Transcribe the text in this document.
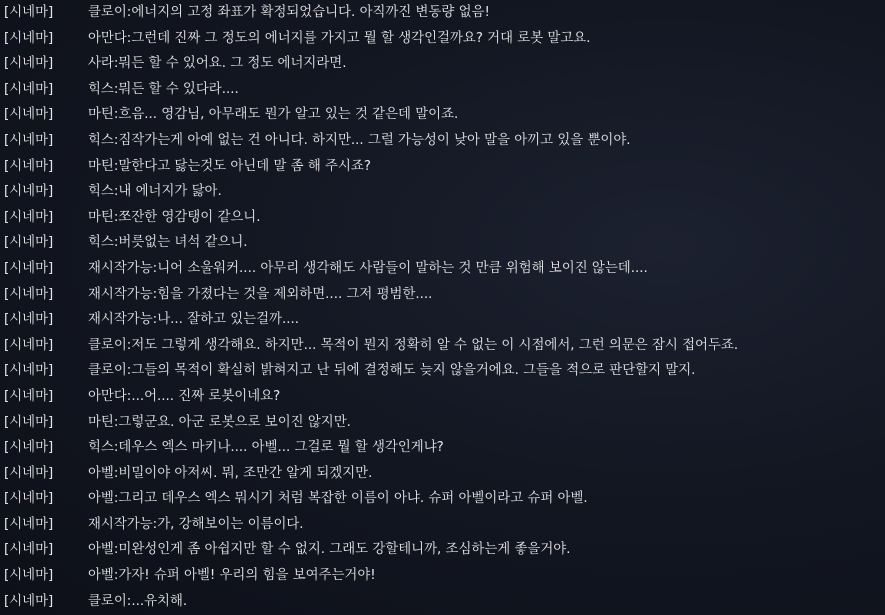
[시네마]	클로이:에너지의 고정 좌표가 확정되었습니다. 아직까진 변동량 없음!
[시네마]	아만다:그런데 진짜 그 정도의 에너지를 가지고 뭘 할 생각인걸까요? 거대 로봇 말고요.
[시네마]	사라:뭐든 할 수 있어요. 그 정도 에너지라면.
[시네마]	힉스:뭐든 할 수 있다라....
[시네마]	마틴:흐음... 영감님, 아무래도 뭔가 알고 있는 것 같은데 말이죠.
[시네마]	힉스:짐작가는게 아예 없는 건 아니다. 하지만... 그럴 가능성이 낮아 말을 아끼고 있을 뿐이야.
[시네마]	마틴:말한다고 닳는것도 아닌데 말 좀 해 주시죠?
[시네마]	힉스:내 에너지가 닳아.
[시네마]	마틴:쪼잔한 영감탱이 같으니.
[시네마]	힉스:버릇없는 녀석 같으니.
[시네마]	재시작가능:니어 소울워커.... 아무리 생각해도 사람들이 말하는 것 만큼 위험해 보이진 않는데....
[시네마]	재시작가능:힘을 가졌다는 것을 제외하면.... 그저 평범한....
[시네마]	재시작가능:나... 잘하고 있는걸까....
[시네마]	클로이:저도 그렇게 생각해요. 하지만... 목적이 뭔지 정확히 알 수 없는 이 시점에서, 그런 의문은 잠시 접어두죠.
[시네마]	클로이:그들의 목적이 확실히 밝혀지고 난 뒤에 결정해도 늦지 않을거에요. 그들을 적으로 판단할지 말지.
[시네마]	아만다:...어.... 진짜 로봇이네요?
[시네마]	마틴:그렇군요. 아군 로봇으로 보이진 않지만.
[시네마]	힉스:데우스 엑스 마키나.... 아벨... 그걸로 뭘 할 생각인게냐?
[시네마]	아벨:비밀이야 아저씨. 뭐, 조만간 알게 되겠지만.
[시네마]	아벨:그리고 데우스 엑스 뭐시기 처럼 복잡한 이름이 아냐. 슈퍼 아벨이라고 슈퍼 아벨.
[시네마]	재시작가능:가, 강해보이는 이름이다.
[시네마]	아벨:미완성인게 좀 아쉽지만 할 수 없지. 그래도 강할테니까, 조심하는게 좋을거야.
[시네마]	아벨:가자! 슈퍼 아벨! 우리의 힘을 보여주는거야!
[시네마]	클로이:...유치해.
